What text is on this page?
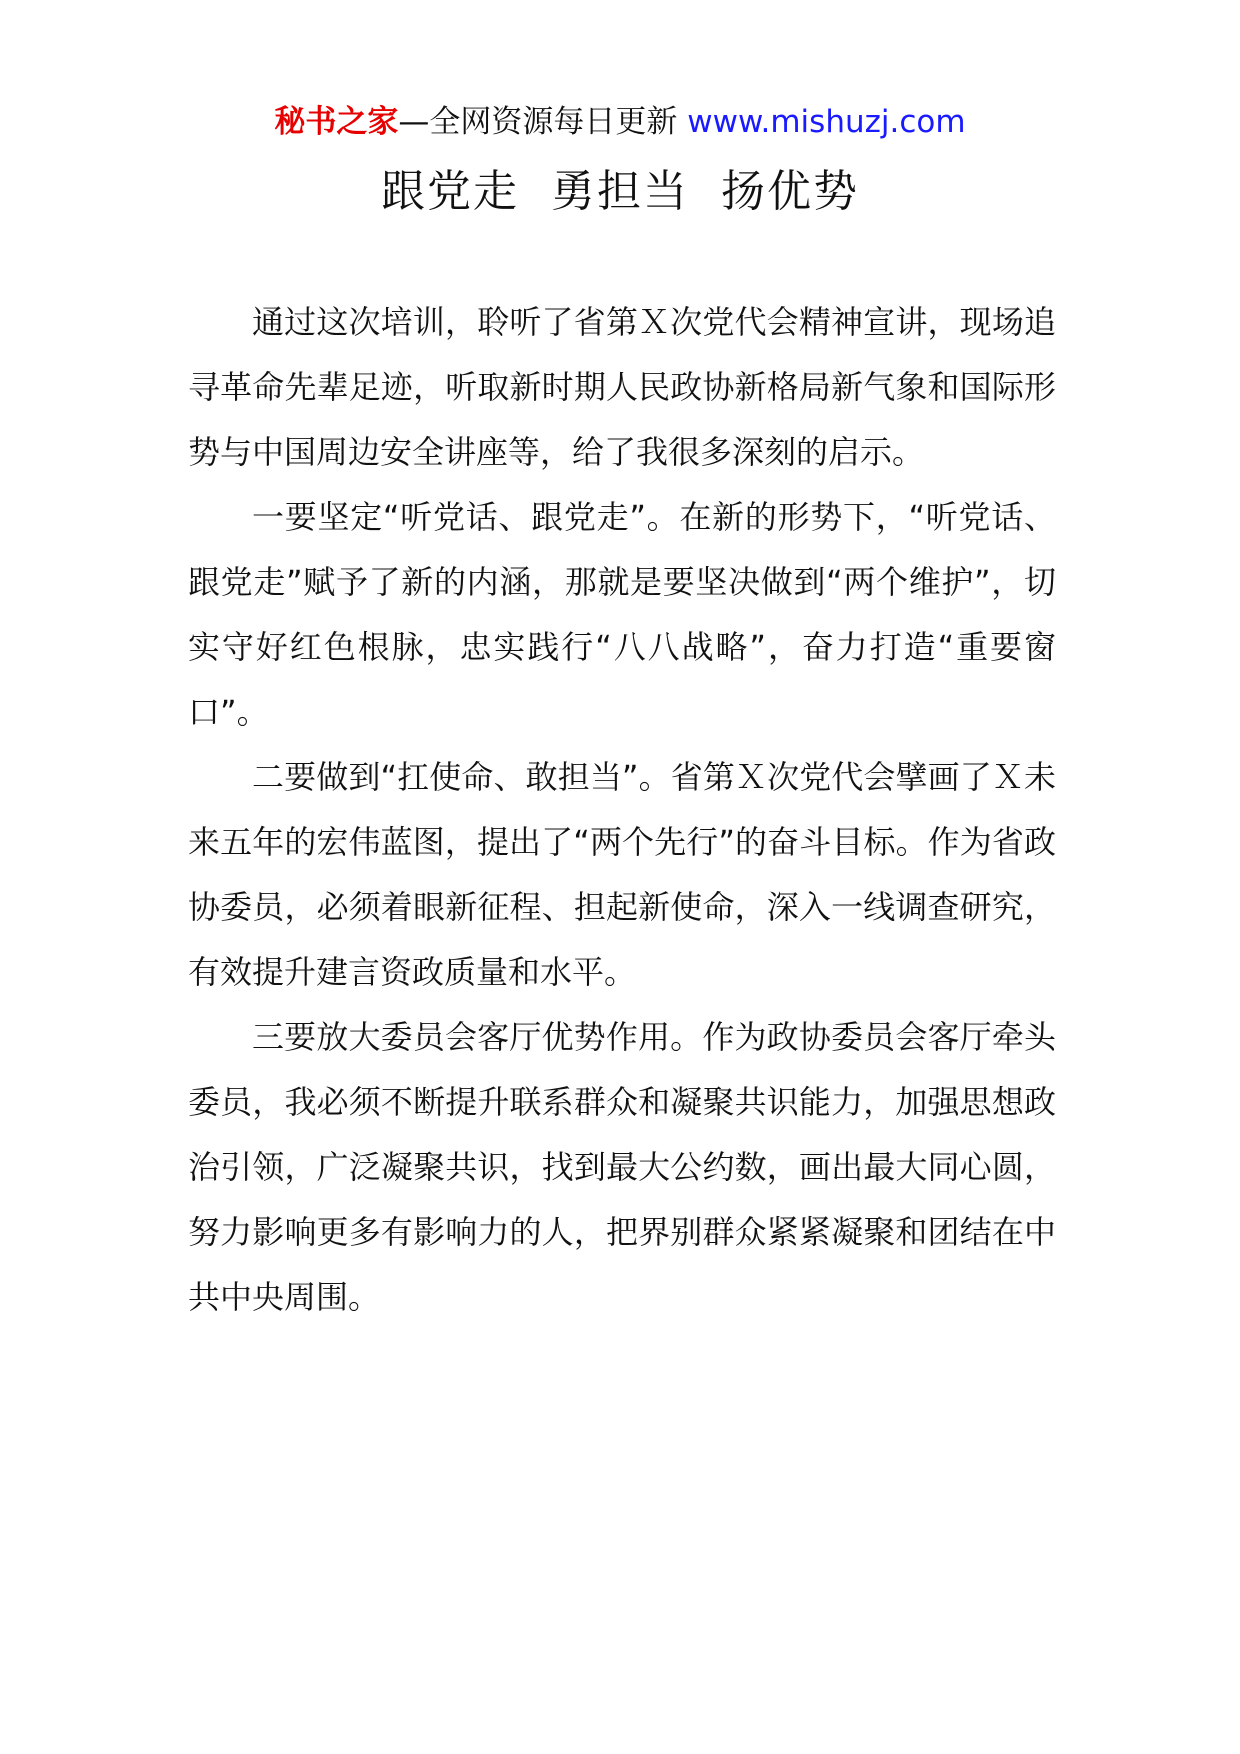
秘书之家—全网资源每日更新 www.mishuzj.com
跟党走  勇担当  扬优势

通过这次培训，聆听了省第Ｘ次党代会精神宣讲，现场追寻革命先辈足迹，听取新时期人民政协新格局新气象和国际形势与中国周边安全讲座等，给了我很多深刻的启示。

一要坚定“听党话、跟党走”。在新的形势下，“听党话、跟党走”赋予了新的内涵，那就是要坚决做到“两个维护”，切实守好红色根脉，忠实践行“八八战略”，奋力打造“重要窗口”。

二要做到“扛使命、敢担当”。省第Ｘ次党代会擘画了Ｘ未来五年的宏伟蓝图，提出了“两个先行”的奋斗目标。作为省政协委员，必须着眼新征程、担起新使命，深入一线调查研究，有效提升建言资政质量和水平。

三要放大委员会客厅优势作用。作为政协委员会客厅牵头委员，我必须不断提升联系群众和凝聚共识能力，加强思想政治引领，广泛凝聚共识，找到最大公约数，画出最大同心圆，努力影响更多有影响力的人，把界别群众紧紧凝聚和团结在中共中央周围。
